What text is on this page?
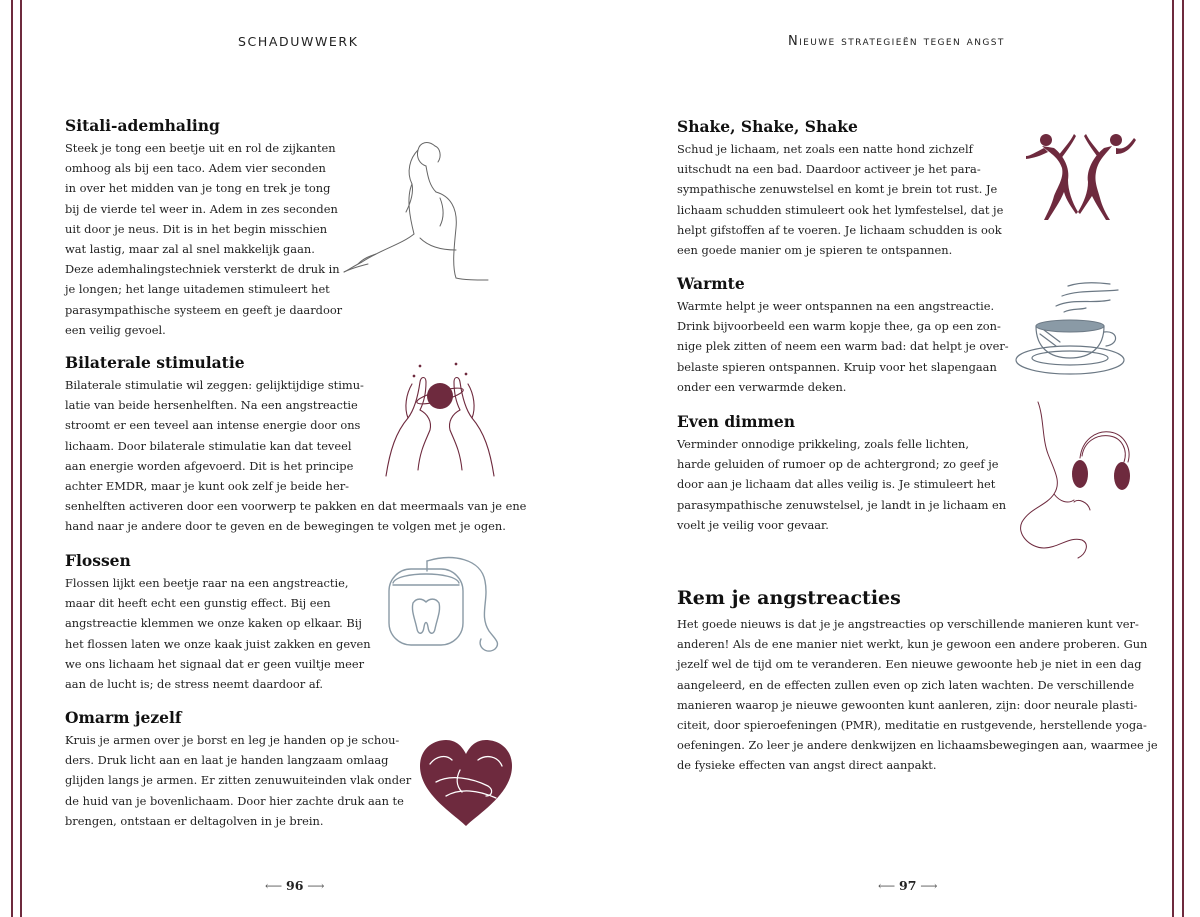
SCHADUWWERK	Nieuwe strategieën tegen angst
Sitali-ademhaling

Steek je tong een beetje uit en rol de zijkanten
omhoog als bij een taco. Adem vier seconden
in over het midden van je tong en trek je tong
bij de vierde tel weer in. Adem in zes seconden
uit door je neus. Dit is in het begin misschien
wat lastig, maar zal al snel makkelijk gaan.
Deze ademhalingstechniek versterkt de druk in
je longen; het lange uitademen stimuleert het
parasympathische systeem en geeft je daardoor
een veilig gevoel.

Bilaterale stimulatie

Bilaterale stimulatie wil zeggen: gelijktijdige stimu-
latie van beide hersenhelften. Na een angstreactie
stroomt er een teveel aan intense energie door ons
lichaam. Door bilaterale stimulatie kan dat teveel
aan energie worden afgevoerd. Dit is het principe
achter EMDR, maar je kunt ook zelf je beide her-
senhelften activeren door een voorwerp te pakken en dat meermaals van je ene
hand naar je andere door te geven en de bewegingen te volgen met je ogen.

Flossen

Flossen lijkt een beetje raar na een angstreactie,
maar dit heeft echt een gunstig effect. Bij een
angstreactie klemmen we onze kaken op elkaar. Bij
het flossen laten we onze kaak juist zakken en geven
we ons lichaam het signaal dat er geen vuiltje meer
aan de lucht is; de stress neemt daardoor af.

Omarm jezelf

Kruis je armen over je borst en leg je handen op je schou-
ders. Druk licht aan en laat je handen langzaam omlaag
glijden langs je armen. Er zitten zenuwuiteinden vlak onder
de huid van je bovenlichaam. Door hier zachte druk aan te
brengen, ontstaan er deltagolven in je brein.

⟵ 96 ⟶
Shake, Shake, Shake

Schud je lichaam, net zoals een natte hond zichzelf
uitschudt na een bad. Daardoor activeer je het para-
sympathische zenuwstelsel en komt je brein tot rust. Je
lichaam schudden stimuleert ook het lymfestelsel, dat je
helpt gifstoffen af te voeren. Je lichaam schudden is ook
een goede manier om je spieren te ontspannen.

Warmte

Warmte helpt je weer ontspannen na een angstreactie.
Drink bijvoorbeeld een warm kopje thee, ga op een zon-
nige plek zitten of neem een warm bad: dat helpt je over-
belaste spieren ontspannen. Kruip voor het slapengaan
onder een verwarmde deken.

Even dimmen

Verminder onnodige prikkeling, zoals felle lichten,
harde geluiden of rumoer op de achtergrond; zo geef je
door aan je lichaam dat alles veilig is. Je stimuleert het
parasympathische zenuwstelsel, je landt in je lichaam en
voelt je veilig voor gevaar.

Rem je angstreacties

Het goede nieuws is dat je je angstreacties op verschillende manieren kunt ver-
anderen! Als de ene manier niet werkt, kun je gewoon een andere proberen. Gun
jezelf wel de tijd om te veranderen. Een nieuwe gewoonte heb je niet in een dag
aangeleerd, en de effecten zullen even op zich laten wachten. De verschillende
manieren waarop je nieuwe gewoonten kunt aanleren, zijn: door neurale plasti-
citeit, door spieroefeningen (PMR), meditatie en rustgevende, herstellende yoga-
oefeningen. Zo leer je andere denkwijzen en lichaamsbewegingen aan, waarmee je
de fysieke effecten van angst direct aanpakt.

⟵ 97 ⟶
